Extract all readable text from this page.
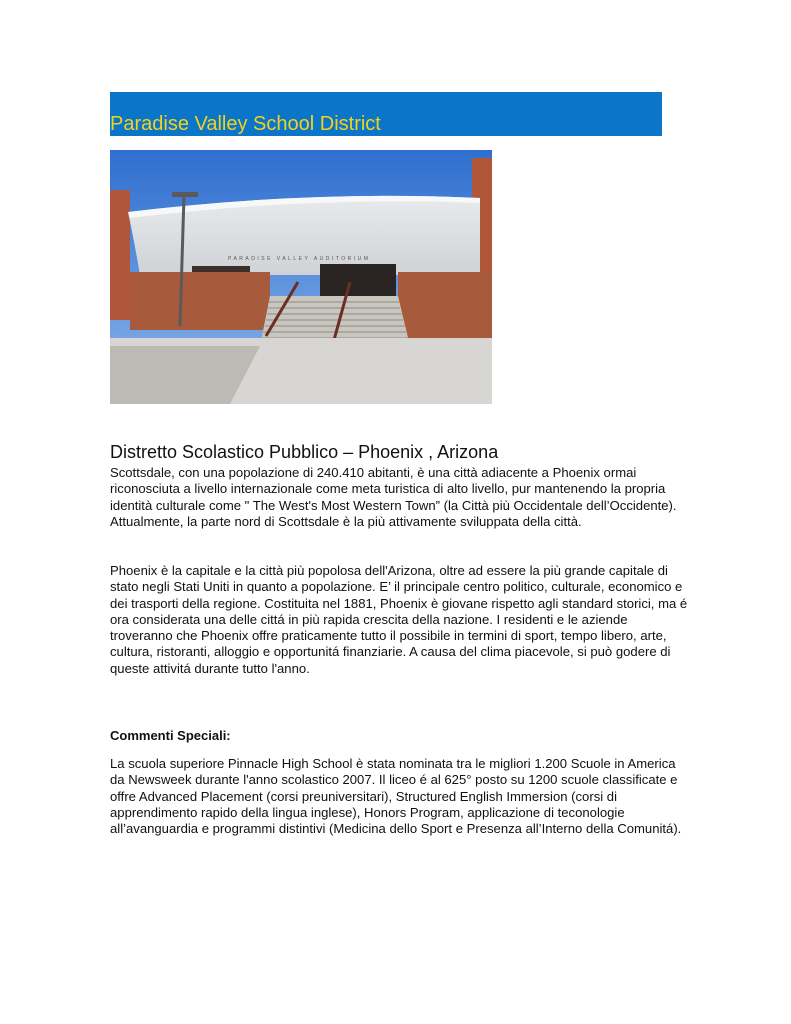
Paradise Valley School District
PARADISE VALLEY AUDITORIUM
Distretto Scolastico Pubblico – Phoenix , Arizona
Scottsdale, con una popolazione di 240.410 abitanti, è una città adiacente a Phoenix ormai riconosciuta a livello internazionale come meta turistica di alto livello, pur mantenendo la propria identità culturale come " The West's Most Western Town” (la Città più Occidentale dell’Occidente). Attualmente, la parte nord di Scottsdale è la più attivamente sviluppata della città.
Phoenix è la capitale e la città più popolosa dell'Arizona, oltre ad essere la più grande capitale di stato negli Stati Uniti in quanto a popolazione. E’ il principale centro politico, culturale, economico e dei trasporti della regione. Costituita nel 1881, Phoenix è giovane rispetto agli standard storici, ma é ora considerata una delle cittá in più rapida crescita della nazione. I residenti e le aziende troveranno che Phoenix offre praticamente tutto il possibile in termini di sport, tempo libero, arte, cultura, ristoranti, alloggio e opportunitá finanziarie. A causa del clima piacevole, si può godere di queste attivitá durante tutto l'anno.
Commenti Speciali:
La scuola superiore Pinnacle High School è stata nominata tra le migliori 1.200 Scuole in America da Newsweek durante l'anno scolastico 2007. Il liceo é al 625° posto su 1200 scuole classificate e offre Advanced Placement (corsi preuniversitari), Structured English Immersion (corsi di apprendimento rapido della lingua inglese), Honors Program, applicazione di teconologie all’avanguardia e programmi distintivi (Medicina dello Sport e Presenza all’Interno della Comunitá).
